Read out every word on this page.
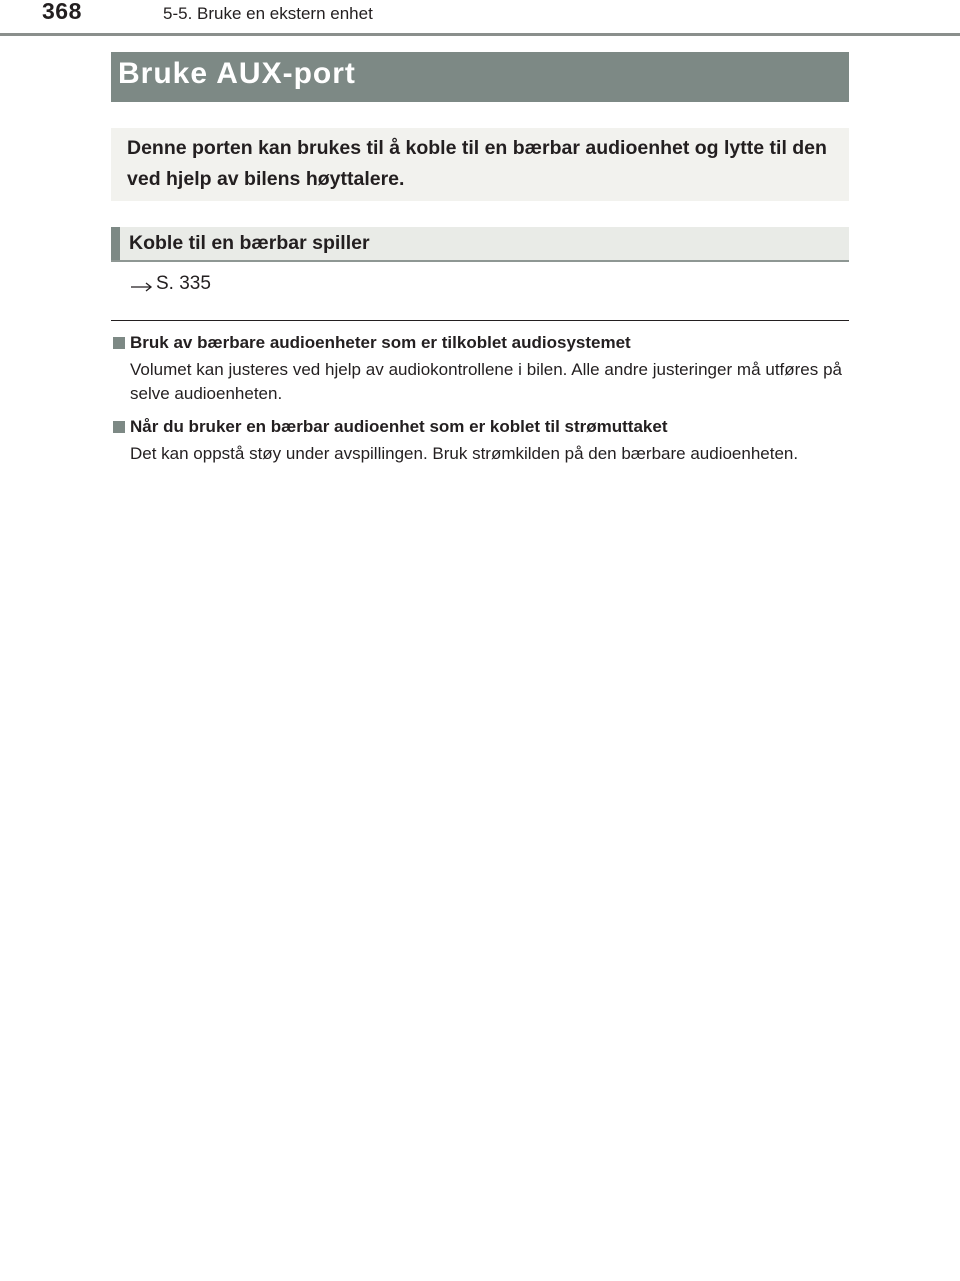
368	5-5. Bruke en ekstern enhet
Bruke AUX-port
Denne porten kan brukes til å koble til en bærbar audioenhet og lytte til den ved hjelp av bilens høyttalere.
Koble til en bærbar spiller
S. 335
Bruk av bærbare audioenheter som er tilkoblet audiosystemet
Volumet kan justeres ved hjelp av audiokontrollene i bilen. Alle andre justeringer må utføres på selve audioenheten.
Når du bruker en bærbar audioenhet som er koblet til strømuttaket
Det kan oppstå støy under avspillingen. Bruk strømkilden på den bærbare audioenheten.
